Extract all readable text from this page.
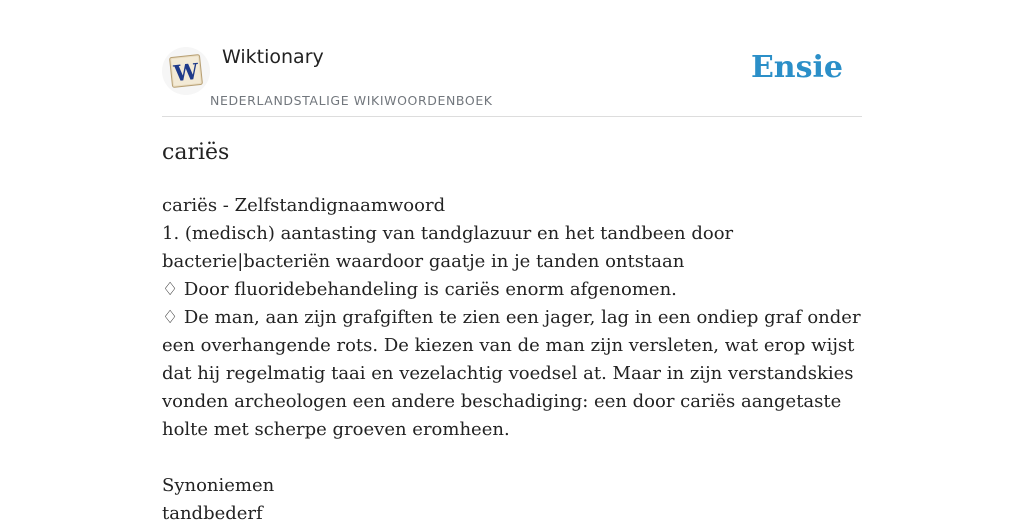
W
Wiktionary
NEDERLANDSTALIGE WIKIWOORDENBOEK
Ensie
cariës

cariës - Zelfstandignaamwoord

1. (medisch) aantasting van tandglazuur en het tandbeen door bacterie|bacteriën waardoor gaatje in je tanden ontstaan

♢ Door fluoridebehandeling is cariës enorm afgenomen.

♢ De man, aan zijn grafgiften te zien een jager, lag in een ondiep graf onder een overhangende rots. De kiezen van de man zijn versleten, wat erop wijst dat hij regelmatig taai en vezelachtig voedsel at. Maar in zijn verstandskies vonden archeologen een andere beschadiging: een door cariës aangetaste holte met scherpe groeven eromheen.

Synoniemen

tandbederf
